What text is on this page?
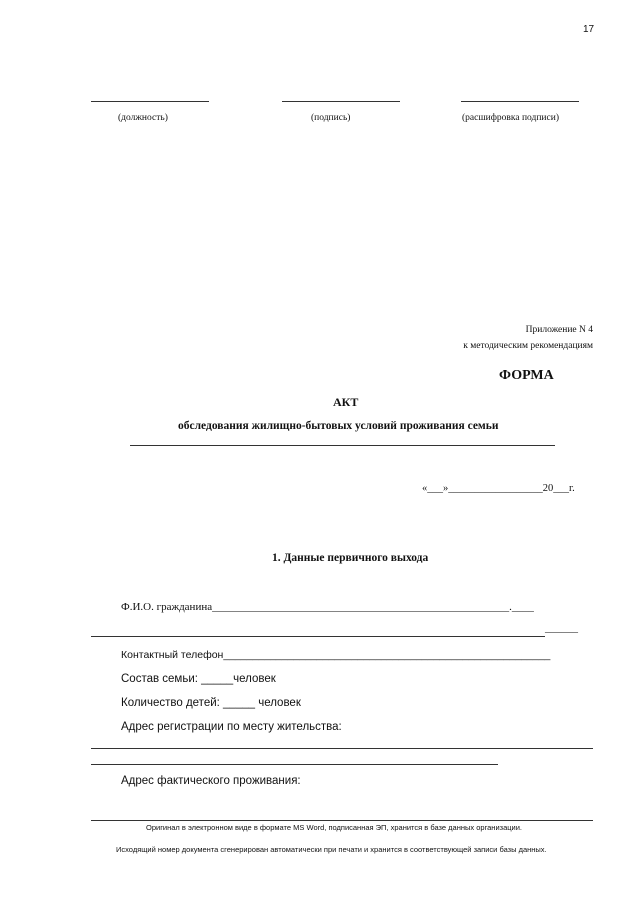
17
(должность)	(подпись)	(расшифровка подписи)
Приложение N 4
к методическим рекомендациям
ФОРМА
АКТ
обследования жилищно-бытовых условий проживания семьи
«___»__________________20___г.
1. Данные первичного выхода
Ф.И.О. гражданина______________________________________________________.____
______
Контактный телефон________________________________________________________
Состав семьи: _____человек
Количество детей: _____ человек
Адрес регистрации по месту жительства:
Адрес фактического проживания:
Оригинал в электронном виде в формате MS Word, подписанная ЭП, хранится в базе данных организации.
Исходящий номер документа сгенерирован автоматически при печати и хранится в соответствующей записи базы данных.
